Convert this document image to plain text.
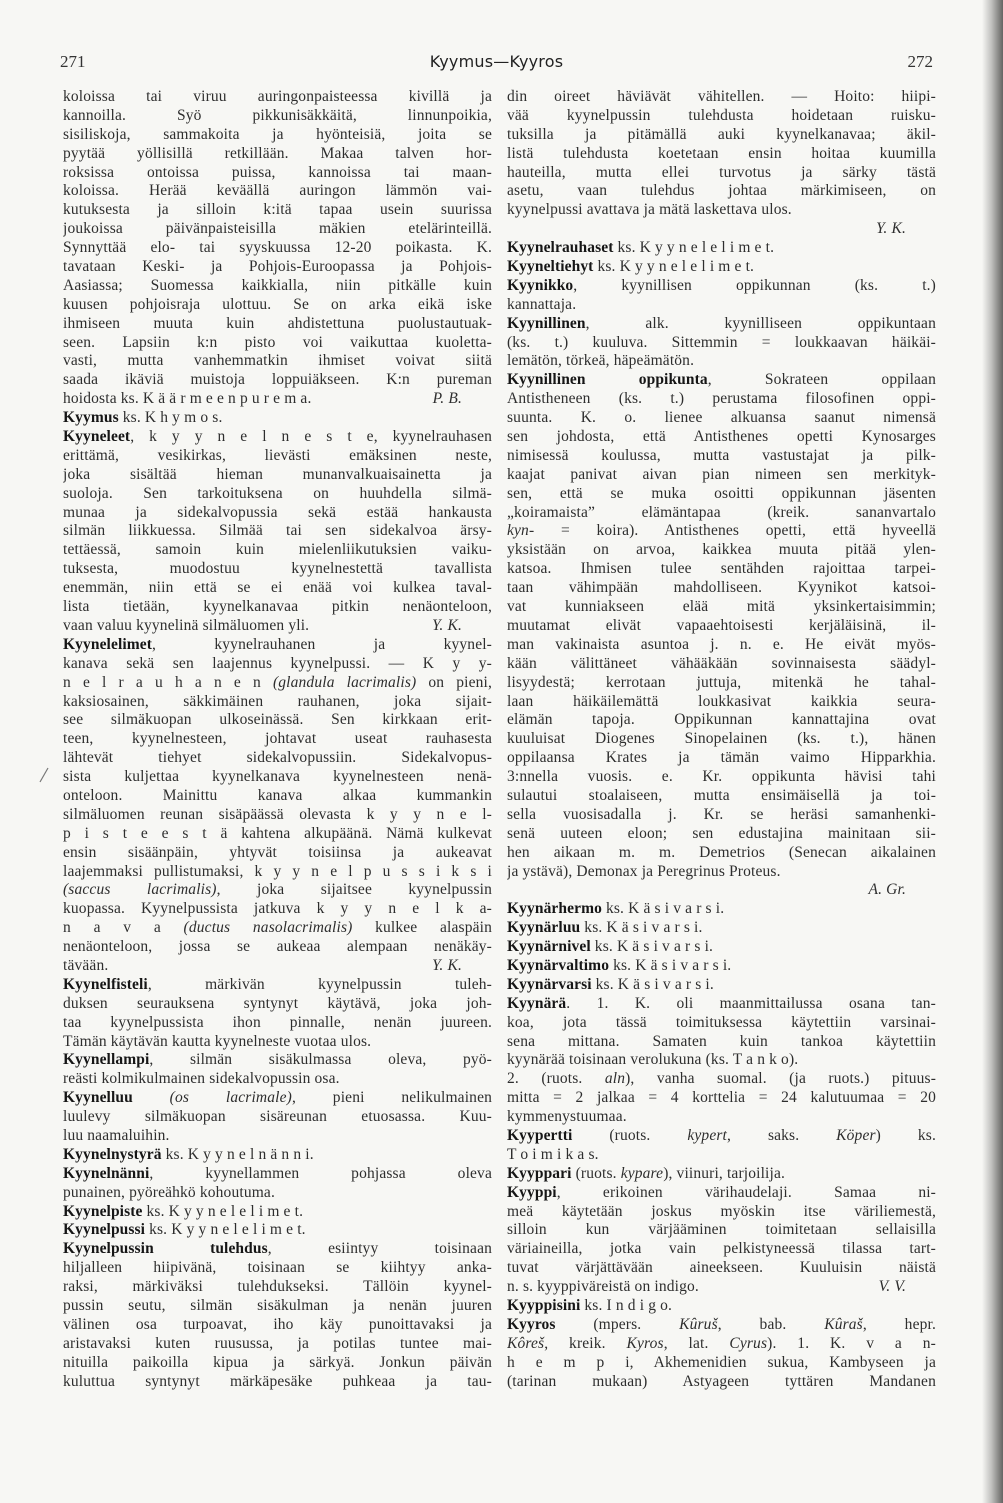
271	Kyymus—Kyyros	272
koloissa tai viruu auringonpaisteessa kivillä ja
kannoilla. Syö pikkunisäkkäitä, linnunpoikia,
sisiliskoja, sammakoita ja hyönteisiä, joita se
pyytää yöllisillä retkillään. Makaa talven hor-
roksissa ontoissa puissa, kannoissa tai maan-
koloissa. Herää keväällä auringon lämmön vai-
kutuksesta ja silloin k:itä tapaa usein suurissa
joukoissa päivänpaisteisilla mäkien etelärinteillä.
Synnyttää elo- tai syyskuussa 12-20 poikasta. K.
tavataan Keski- ja Pohjois-Euroopassa ja Pohjois-
Aasiassa; Suomessa kaikkialla, niin pitkälle kuin
kuusen pohjoisraja ulottuu. Se on arka eikä iske
ihmiseen muuta kuin ahdistettuna puolustautuak-
seen. Lapsiin k:n pisto voi vaikuttaa kuoletta-
vasti, mutta vanhemmatkin ihmiset voivat siitä
saada ikäviä muistoja loppuiäkseen. K:n pureman
hoidosta ks. K ä ä r m e e n p u r e m a.	P. B.
Kyymus ks. K h y m o s.
Kyyneleet, k y y n e l n e s t e, kyynelrauhasen
erittämä, vesikirkas, lievästi emäksinen neste,
joka sisältää hieman munanvalkuaisainetta ja
suoloja. Sen tarkoituksena on huuhdella silmä-
munaa ja sidekalvopussia sekä estää hankausta
silmän liikkuessa. Silmää tai sen sidekalvoa ärsy-
tettäessä, samoin kuin mielenliikutuksien vaiku-
tuksesta, muodostuu kyynelnestettä tavallista
enemmän, niin että se ei enää voi kulkea taval-
lista tietään, kyynelkanavaa pitkin nenäonteloon,
vaan valuu kyynelinä silmäluomen yli.	Y. K.
Kyynelelimet, kyynelrauhanen ja kyynel-
kanava sekä sen laajennus kyynelpussi. — K y y-
n e l r a u h a n e n (glandula lacrimalis) on pieni,
kaksiosainen, säkkimäinen rauhanen, joka sijait-
see silmäkuopan ulkoseinässä. Sen kirkkaan erit-
teen, kyynelnesteen, johtavat useat rauhasesta
lähtevät tiehyet sidekalvopussiin. Sidekalvopus-
sista kuljettaa kyynelkanava kyynelnesteen nenä-
onteloon. Mainittu kanava alkaa kummankin
silmäluomen reunan sisäpäässä olevasta k y y n e l-
p i s t e e s t ä kahtena alkupäänä. Nämä kulkevat
ensin sisäänpäin, yhtyvät toisiinsa ja aukeavat
laajemmaksi pullistumaksi, k y y n e l p u s s i k s i
(saccus lacrimalis), joka sijaitsee kyynelpussin
kuopassa. Kyynelpussista jatkuva k y y n e l k a-
n a v a (ductus nasolacrimalis) kulkee alaspäin
nenäonteloon, jossa se aukeaa alempaan nenäkäy-
tävään.	Y. K.
Kyynelfisteli, märkivän kyynelpussin tuleh-
duksen seurauksena syntynyt käytävä, joka joh-
taa kyynelpussista ihon pinnalle, nenän juureen.
Tämän käytävän kautta kyynelneste vuotaa ulos.
Kyynellampi, silmän sisäkulmassa oleva, pyö-
reästi kolmikulmainen sidekalvopussin osa.
Kyynelluu (os lacrimale), pieni nelikulmainen
luulevy silmäkuopan sisäreunan etuosassa. Kuu-
luu naamaluihin.
Kyynelnystyrä ks. K y y n e l n ä n n i.
Kyynelnänni, kyynellammen pohjassa oleva
punainen, pyöreähkö kohoutuma.
Kyynelpiste ks. K y y n e l e l i m e t.
Kyynelpussi ks. K y y n e l e l i m e t.
Kyynelpussin tulehdus, esiintyy toisinaan
hiljalleen hiipivänä, toisinaan se kiihtyy anka-
raksi, märkiväksi tulehdukseksi. Tällöin kyynel-
pussin seutu, silmän sisäkulman ja nenän juuren
välinen osa turpoavat, iho käy punoittavaksi ja
aristavaksi kuten ruusussa, ja potilas tuntee mai-
nituilla paikoilla kipua ja särkyä. Jonkun päivän
kuluttua syntynyt märkäpesäke puhkeaa ja tau-
din oireet häviävät vähitellen. — Hoito: hiipi-
vää kyynelpussin tulehdusta hoidetaan ruisku-
tuksilla ja pitämällä auki kyynelkanavaa; äkil-
listä tulehdusta koetetaan ensin hoitaa kuumilla
hauteilla, mutta ellei turvotus ja särky tästä
asetu, vaan tulehdus johtaa märkimiseen, on
kyynelpussi avattava ja mätä laskettava ulos.
Y. K.
Kyynelrauhaset ks. K y y n e l e l i m e t.
Kyyneltiehyt ks. K y y n e l e l i m e t.
Kyynikko, kyynillisen oppikunnan (ks. t.)
kannattaja.
Kyynillinen, alk. kyynilliseen oppikuntaan
(ks. t.) kuuluva. Sittemmin = loukkaavan häikäi-
lemätön, törkeä, häpeämätön.
Kyynillinen oppikunta, Sokrateen oppilaan
Antistheneen (ks. t.) perustama filosofinen oppi-
suunta. K. o. lienee alkuansa saanut nimensä
sen johdosta, että Antisthenes opetti Kynosarges
nimisessä koulussa, mutta vastustajat ja pilk-
kaajat panivat aivan pian nimeen sen merkityk-
sen, että se muka osoitti oppikunnan jäsenten
„koiramaista” elämäntapaa (kreik. sananvartalo
kyn- = koira). Antisthenes opetti, että hyveellä
yksistään on arvoa, kaikkea muuta pitää ylen-
katsoa. Ihmisen tulee sentähden rajoittaa tarpei-
taan vähimpään mahdolliseen. Kyynikot katsoi-
vat kunniakseen elää mitä yksinkertaisimmin;
muutamat elivät vapaaehtoisesti kerjäläisinä, il-
man vakinaista asuntoa j. n. e. He eivät myös-
kään välittäneet vähääkään sovinnaisesta säädyl-
lisyydestä; kerrotaan juttuja, mitenkä he tahal-
laan häikäilemättä loukkasivat kaikkia seura-
elämän tapoja. Oppikunnan kannattajina ovat
kuuluisat Diogenes Sinopelainen (ks. t.), hänen
oppilaansa Krates ja tämän vaimo Hipparkhia.
3:nnella vuosis. e. Kr. oppikunta hävisi tahi
sulautui stoalaiseen, mutta ensimäisellä ja toi-
sella vuosisadalla j. Kr. se heräsi samanhenki-
senä uuteen eloon; sen edustajina mainitaan sii-
hen aikaan m. m. Demetrios (Senecan aikalainen
ja ystävä), Demonax ja Peregrinus Proteus.
A. Gr.
Kyynärhermo ks. K ä s i v a r s i.
Kyynärluu ks. K ä s i v a r s i.
Kyynärnivel ks. K ä s i v a r s i.
Kyynärvaltimo ks. K ä s i v a r s i.
Kyynärvarsi ks. K ä s i v a r s i.
Kyynärä. 1. K. oli maanmittailussa osana tan-
koa, jota tässä toimituksessa käytettiin varsinai-
sena mittana. Samaten kuin tankoa käytettiin
kyynärää toisinaan verolukuna (ks. T a n k o).
2. (ruots. aln), vanha suomal. (ja ruots.) pituus-
mitta = 2 jalkaa = 4 korttelia = 24 kalutuumaa = 20
kymmenystuumaa.
Kyypertti (ruots. kypert, saks. Köper) ks.
T o i m i k a s.
Kyyppari (ruots. kypare), viinuri, tarjoilija.
Kyyppi, erikoinen värihaudelaji. Samaa ni-
meä käytetään joskus myöskin itse väriliemestä,
silloin kun värjääminen toimitetaan sellaisilla
väriaineilla, jotka vain pelkistyneessä tilassa tart-
tuvat värjättävään aineekseen. Kuuluisin näistä
n. s. kyyppiväreistä on indigo.	V. V.
Kyyppisini ks. I n d i g o.
Kyyros (mpers. Kûruš, bab. Kûraš, hepr.
Kôreš, kreik. Kyros, lat. Cyrus). 1. K. v a n-
h e m p i, Akhemenidien sukua, Kambyseen ja
(tarinan mukaan) Astyageen tyttären Mandanen
